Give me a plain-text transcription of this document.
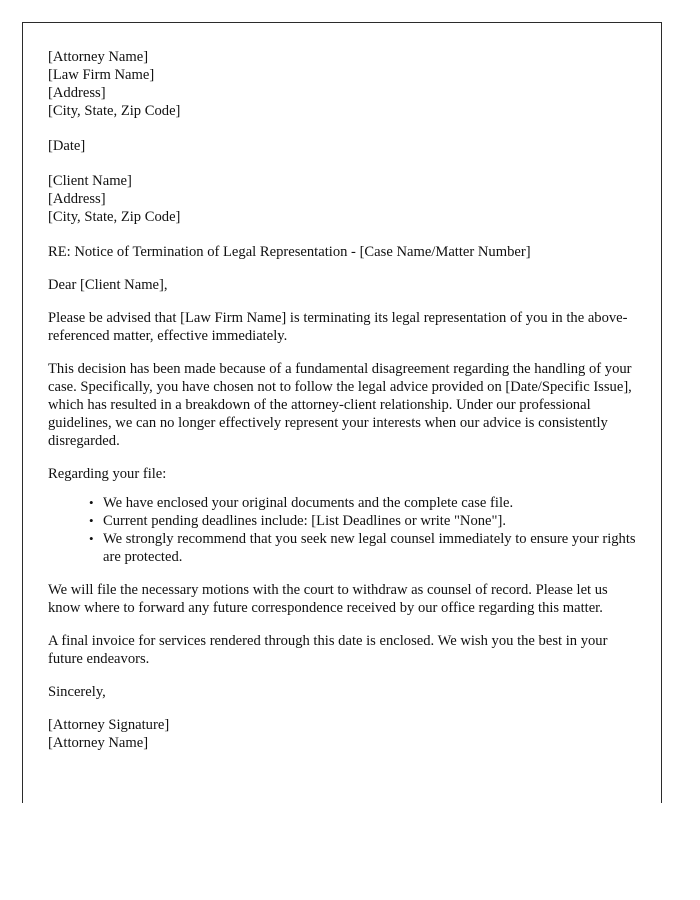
[Attorney Name]
[Law Firm Name]
[Address]
[City, State, Zip Code]
[Date]
[Client Name]
[Address]
[City, State, Zip Code]

RE: Notice of Termination of Legal Representation - [Case Name/Matter Number]

Dear [Client Name],

Please be advised that [Law Firm Name] is terminating its legal representation of you in the above-referenced matter, effective immediately.

This decision has been made because of a fundamental disagreement regarding the handling of your case. Specifically, you have chosen not to follow the legal advice provided on [Date/Specific Issue], which has resulted in a breakdown of the attorney-client relationship. Under our professional guidelines, we can no longer effectively represent your interests when our advice is consistently disregarded.

Regarding your file:

• We have enclosed your original documents and the complete case file.
• Current pending deadlines include: [List Deadlines or write "None"].
• We strongly recommend that you seek new legal counsel immediately to ensure your rights are protected.

We will file the necessary motions with the court to withdraw as counsel of record. Please let us know where to forward any future correspondence received by our office regarding this matter.

A final invoice for services rendered through this date is enclosed. We wish you the best in your future endeavors.

Sincerely,

[Attorney Signature]
[Attorney Name]
